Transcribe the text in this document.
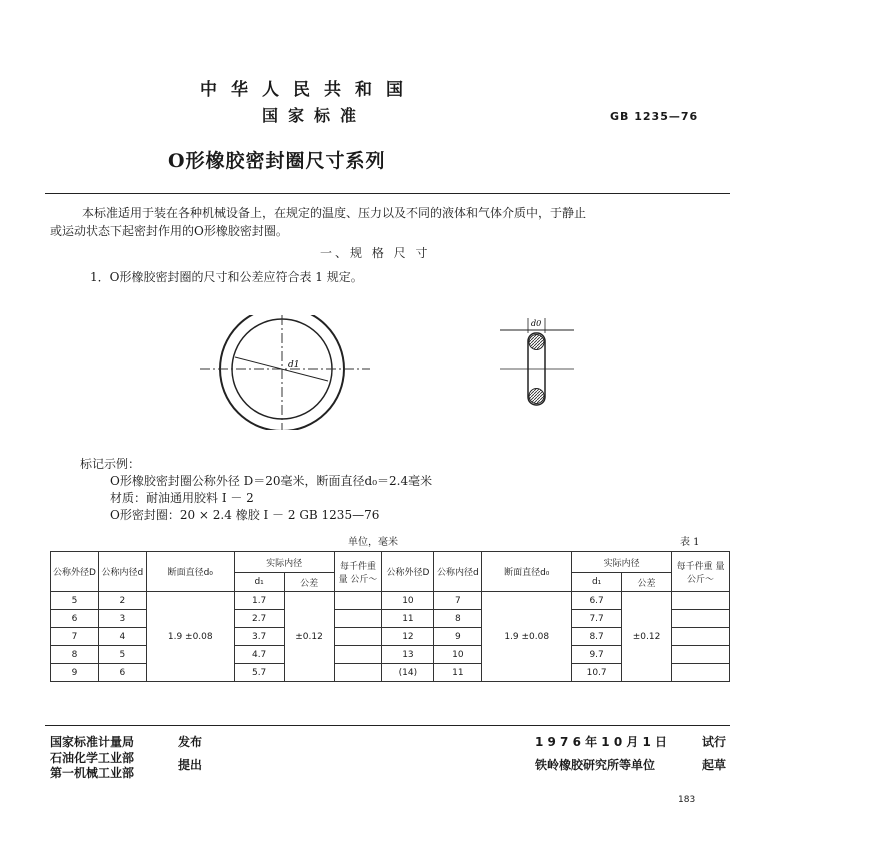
中华人民共和国
国家标准	GB 1235—76
O形橡胶密封圈尺寸系列
本标准适用于装在各种机械设备上，在规定的温度、压力以及不同的液体和气体介质中，于静止
或运动状态下起密封作用的O形橡胶密封圈。
一、规 格 尺 寸
1．O形橡胶密封圈的尺寸和公差应符合表 1 规定。
d1
d0
标记示例：
O形橡胶密封圈公称外径 D＝20毫米，断面直径d₀＝2.4毫米
材质：耐油通用胶料 I － 2
O形密封圈：20 × 2.4 橡胶 I － 2 GB 1235—76
单位，毫米	表 1
公称外径D	公称内径d	断面直径d₀	实际内径		每千件重 量 公斤～	公称外径D	公称内径d	断面直径d₀	实际内径		每千件重 量 公斤～
			d₁	公差					d₁	公差	
5	2	1.9 ±0.08	1.7	±0.12		10	7	1.9 ±0.08	6.7	±0.12	
6	3		2.7			11	8		7.7		
7	4		3.7			12	9		8.7		
8	5		4.7			13	10		9.7		
9	6		5.7			(14)	11		10.7		
国家标准计量局	发布
石油化学工业部
第一机械工业部
提出
1 9 7 6 年 1 0 月 1 日	试行
铁岭橡胶研究所等单位	起草
183
